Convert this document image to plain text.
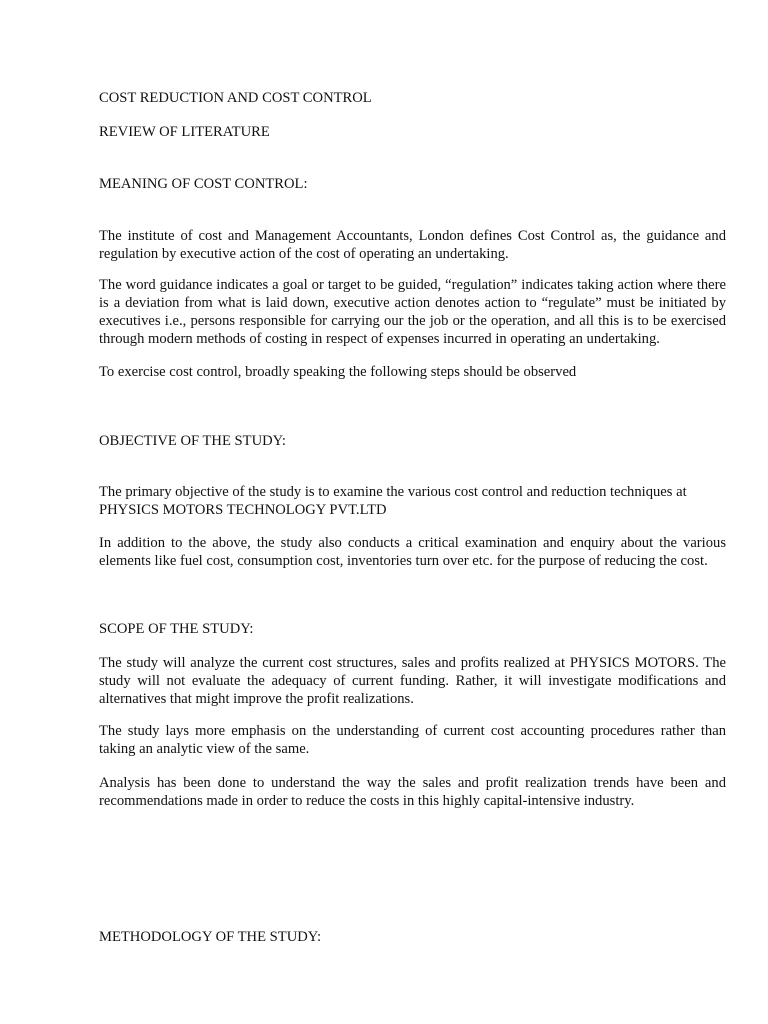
COST REDUCTION AND COST CONTROL

REVIEW OF LITERATURE

MEANING OF COST CONTROL:

The institute of cost and Management Accountants, London defines Cost Control as, the guidance and regulation by executive action of the cost of operating an undertaking.

The word guidance indicates a goal or target to be guided, “regulation” indicates taking action where there is a deviation from what is laid down, executive action denotes action to “regulate” must be initiated by executives i.e., persons responsible for carrying our the job or the operation, and all this is to be exercised through modern methods of costing in respect of expenses incurred in operating an undertaking.

To exercise cost control, broadly speaking the following steps should be observed

OBJECTIVE OF THE STUDY:

The primary objective of the study is to examine the various cost control and reduction techniques at PHYSICS MOTORS TECHNOLOGY PVT.LTD

In addition to the above, the study also conducts a critical examination and enquiry about the various elements like fuel cost, consumption cost, inventories turn over etc. for the purpose of reducing the cost.

SCOPE OF THE STUDY:

The study will analyze the current cost structures, sales and profits realized at PHYSICS MOTORS. The study will not evaluate the adequacy of current funding. Rather, it will investigate modifications and alternatives that might improve the profit realizations.

The study lays more emphasis on the understanding of current cost accounting procedures rather than taking an analytic view of the same.

Analysis has been done to understand the way the sales and profit realization trends have been and recommendations made in order to reduce the costs in this highly capital-intensive industry.

METHODOLOGY OF THE STUDY:
